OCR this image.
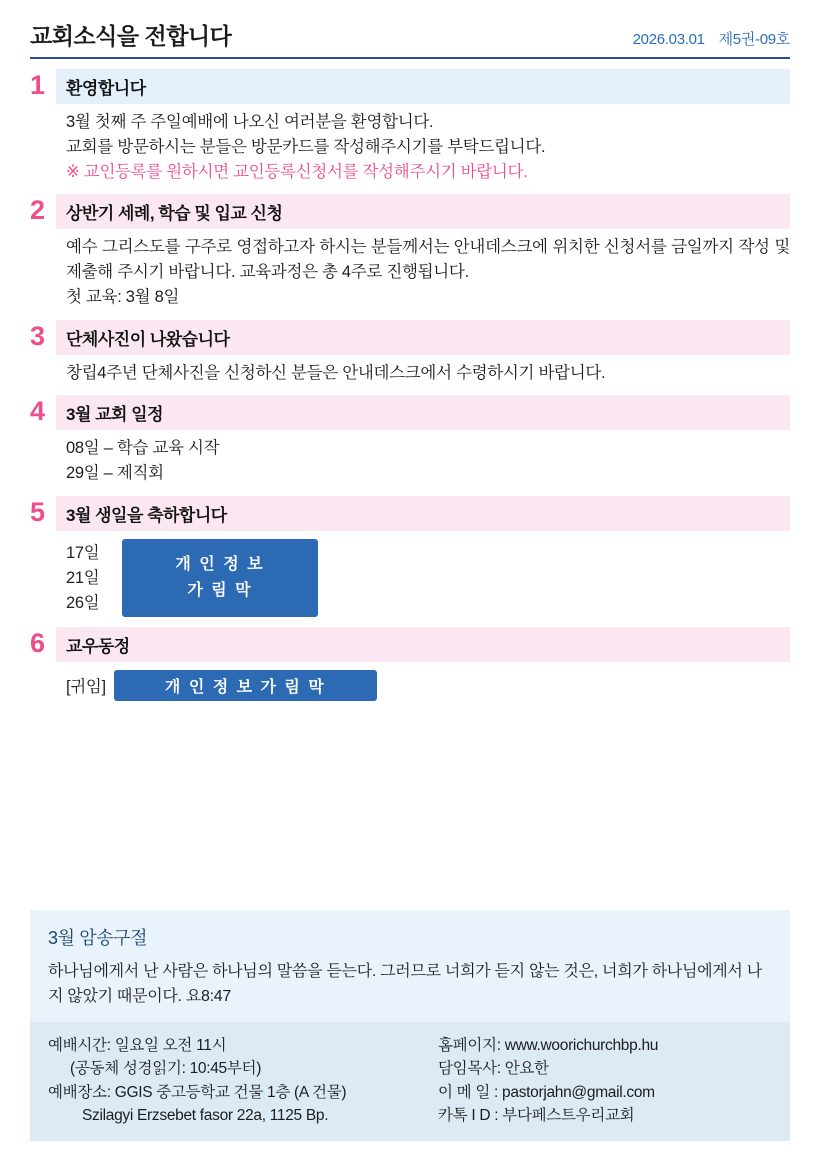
교회소식을 전합니다	2026.03.01 제5권-09호
1	환영합니다
3월 첫째 주 주일예배에 나오신 여러분을 환영합니다.
교회를 방문하시는 분들은 방문카드를 작성해주시기를 부탁드립니다.
※ 교인등록를 원하시면 교인등록신청서를 작성해주시기 바랍니다.
2	상반기 세례, 학습 및 입교 신청
예수 그리스도를 구주로 영접하고자 하시는 분들께서는 안내데스크에 위치한 신청서를 금일까지 작성 및 제출해 주시기 바랍니다. 교육과정은 총 4주로 진행됩니다.
첫 교육: 3월 8일
3	단체사진이 나왔습니다
창립4주년 단체사진을 신청하신 분들은 안내데스크에서 수령하시기 바랍니다.
4	3월 교회 일정
08일 – 학습 교육 시작
29일 – 제직회
5	3월 생일을 축하합니다
17일
21일
26일
개 인 정 보
가 림 막
6	교우동정
[귀임]	개 인 정 보 가 림 막
3월 암송구절
하나님에게서 난 사람은 하나님의 말씀을 듣는다. 그러므로 너희가 듣지 않는 것은, 너희가 하나님에게서 나지 않았기 때문이다. 요8:47
예배시간: 일요일 오전 11시
(공동체 성경읽기: 10:45부터)
예배장소: GGIS 중고등학교 건물 1층 (A 건물)
Szilagyi Erzsebet fasor 22a, 1125 Bp.
홈페이지: www.woorichurchbp.hu
담임목사: 안요한
이 메 일 : pastorjahn@gmail.com
카톡 I D : 부다페스트우리교회
